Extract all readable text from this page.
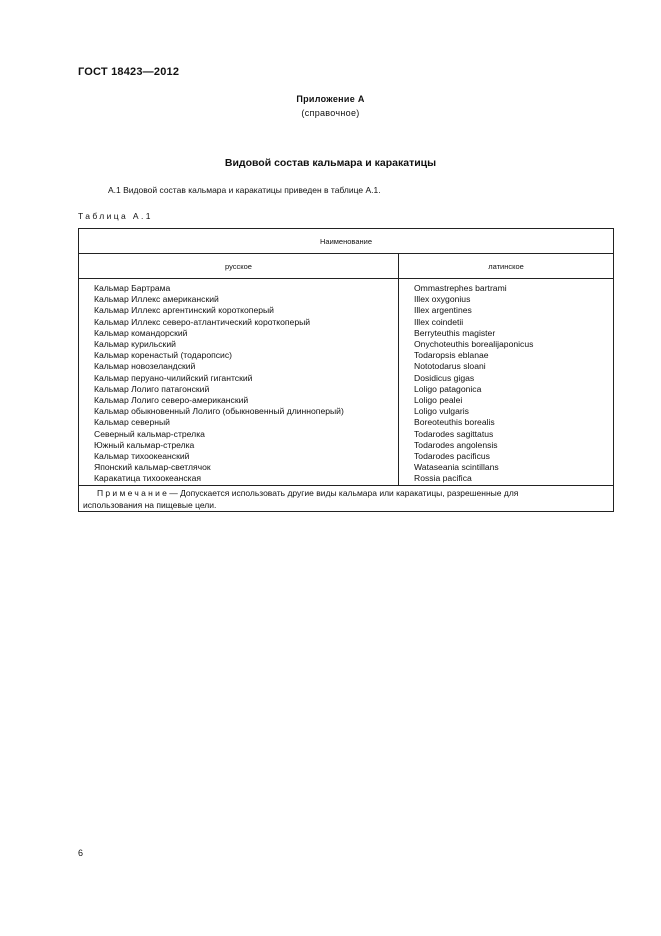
ГОСТ 18423—2012
Приложение А
(справочное)
Видовой состав кальмара и каракатицы
А.1 Видовой состав кальмара и каракатицы приведен в таблице А.1.
Таблица А.1
Наименование
русское	латинское
Кальмар Бартрама
Кальмар Иллекс американский
Кальмар Иллекс аргентинский короткоперый
Кальмар Иллекс северо-атлантический короткоперый
Кальмар командорский
Кальмар курильский
Кальмар коренастый (тодаропсис)
Кальмар новозеландский
Кальмар перуано-чилийский гигантский
Кальмар Лолиго патагонский
Кальмар Лолиго северо-американский
Кальмар обыкновенный Лолиго (обыкновенный длинноперый)
Кальмар северный
Северный кальмар-стрелка
Южный кальмар-стрелка
Кальмар тихоокеанский
Японский кальмар-светлячок
Каракатица тихоокеанская
Ommastrephes bartrami
Illex oxygonius
Illex argentines
Illex coindetii
Berryteuthis magister
Onychoteuthis borealijaponicus
Todaropsis eblanae
Nototodarus sloani
Dosidicus gigas
Loligo patagonica
Loligo pealei
Loligo vulgaris
Boreoteuthis borealis
Todarodes sagittatus
Todarodes angolensis
Todarodes pacificus
Wataseania scintillans
Rossia pacifica
Примечание— Допускается использовать другие виды кальмара или каракатицы, разрешенные для
использования на пищевые цели.
6
